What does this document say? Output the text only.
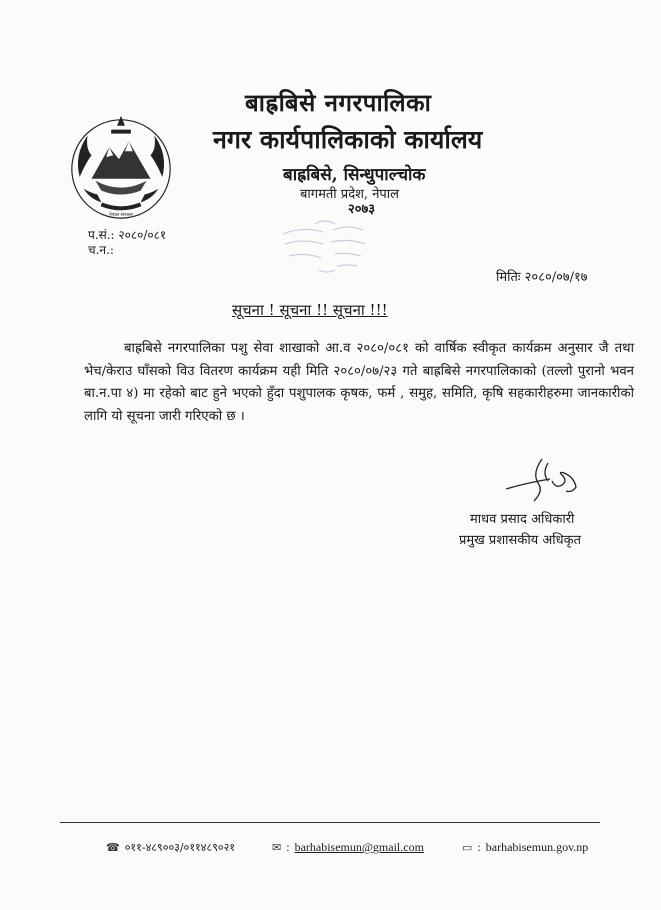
नेपाल सरकार
बाह्रबिसे नगरपालिका
नगर कार्यपालिकाको कार्यालय
बाह्रबिसे, सिन्धुपाल्चोक
बागमती प्रदेश, नेपाल
२०७३
प.सं.: २०८०/०८१
च.न.:
मितिः २०८०/०७/१७
सूचना ! सूचना !! सूचना !!!
बाह्रबिसे नगरपालिका पशु सेवा शाखाको आ.व २०८०/०८१ को वार्षिक स्वीकृत कार्यक्रम अनुसार जै तथा भेच/केराउ घाँसको विउ वितरण कार्यक्रम यही मिति २०८०/०७/२३ गते बाह्रबिसे नगरपालिकाको (तल्लो पुरानो भवन बा.न.पा ४) मा रहेको बाट हुने भएको हुँदा पशुपालक कृषक, फर्म , समुह, समिति, कृषि सहकारीहरुमा जानकारीको लागि यो सूचना जारी गरिएको छ ।
माधव प्रसाद अधिकारी
प्रमुख प्रशासकीय अधिकृत
☎ ०११-४८९००३/०११४८९०२१	✉ : barhabisemun@gmail.com	▭ : barhabisemun.gov.np
